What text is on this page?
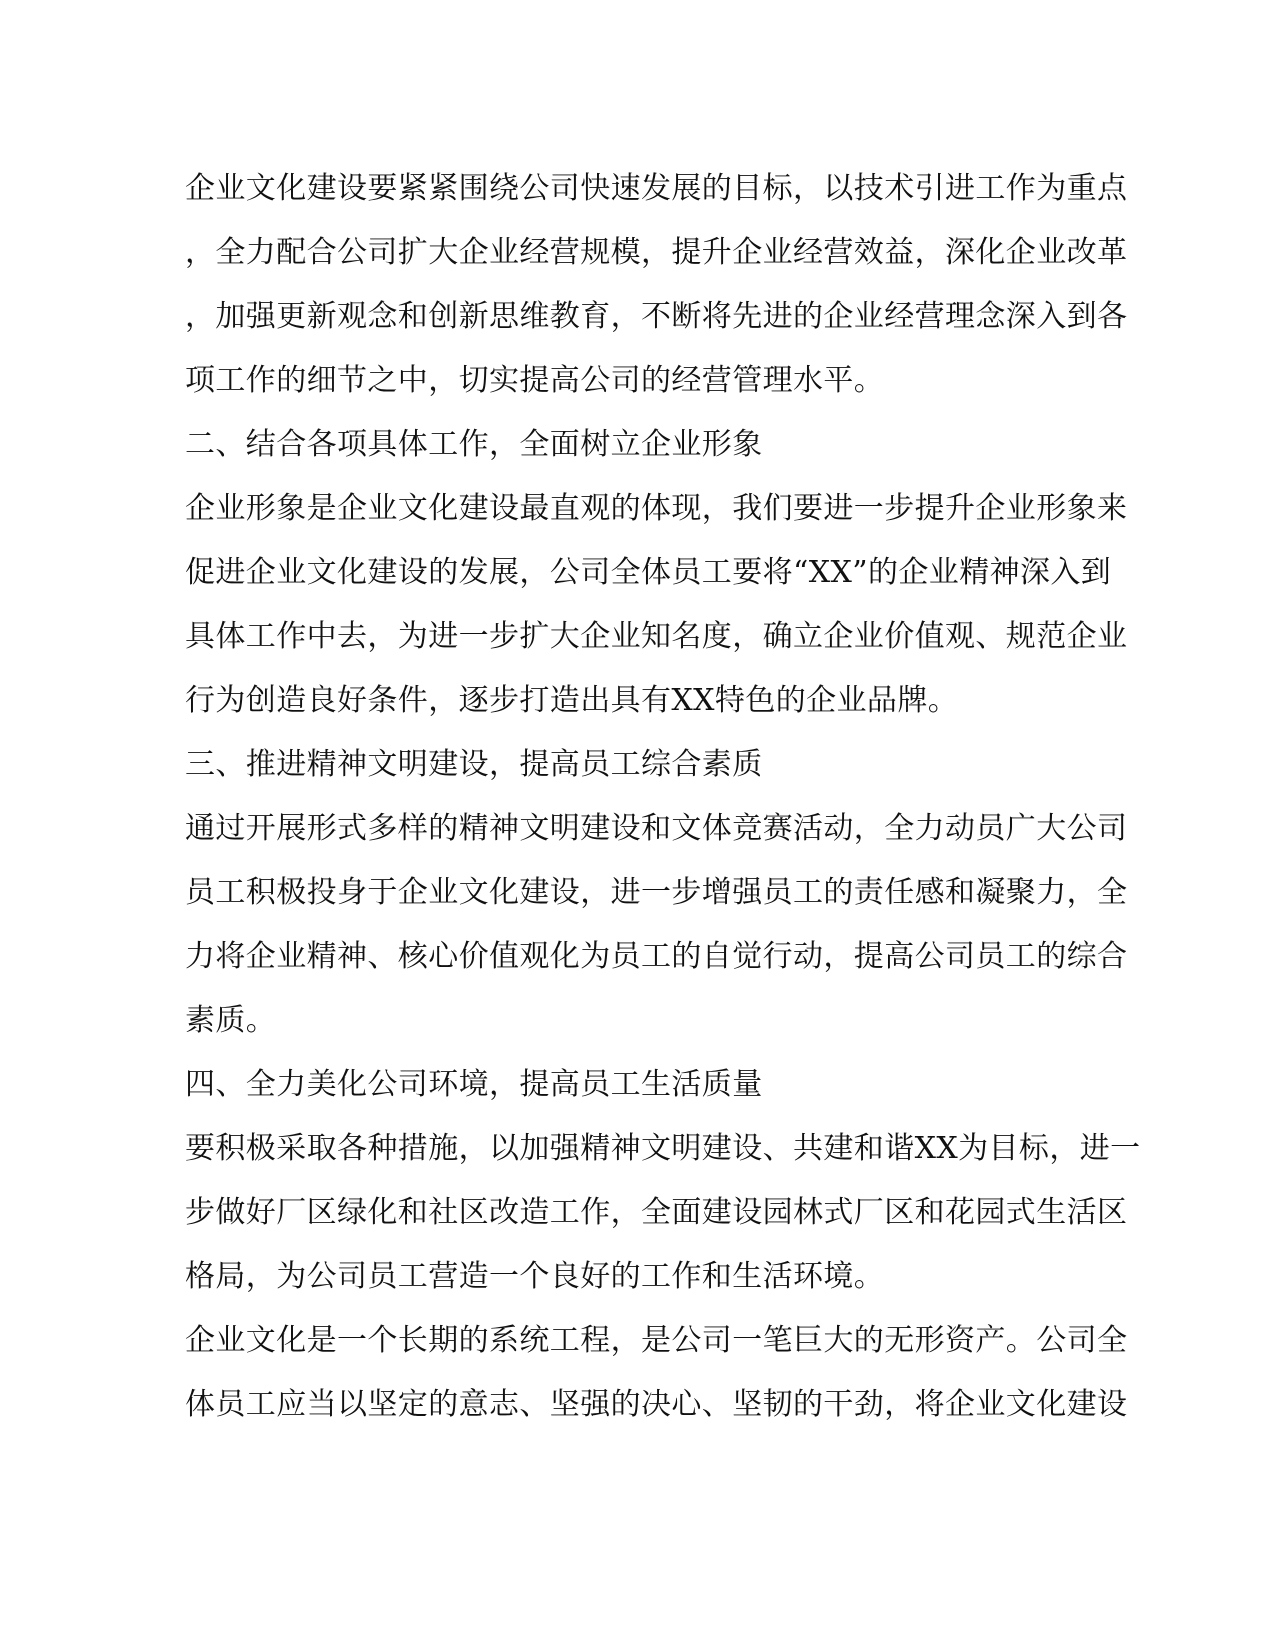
企业文化建设要紧紧围绕公司快速发展的目标，以技术引进工作为重点
，全力配合公司扩大企业经营规模，提升企业经营效益，深化企业改革
，加强更新观念和创新思维教育，不断将先进的企业经营理念深入到各
项工作的细节之中，切实提高公司的经营管理水平。
二、结合各项具体工作，全面树立企业形象
企业形象是企业文化建设最直观的体现，我们要进一步提升企业形象来
促进企业文化建设的发展，公司全体员工要将“XX”的企业精神深入到
具体工作中去，为进一步扩大企业知名度，确立企业价值观、规范企业
行为创造良好条件，逐步打造出具有XX特色的企业品牌。
三、推进精神文明建设，提高员工综合素质
通过开展形式多样的精神文明建设和文体竞赛活动，全力动员广大公司
员工积极投身于企业文化建设，进一步增强员工的责任感和凝聚力，全
力将企业精神、核心价值观化为员工的自觉行动，提高公司员工的综合
素质。
四、全力美化公司环境，提高员工生活质量
要积极采取各种措施，以加强精神文明建设、共建和谐XX为目标，进一
步做好厂区绿化和社区改造工作，全面建设园林式厂区和花园式生活区
格局，为公司员工营造一个良好的工作和生活环境。
企业文化是一个长期的系统工程，是公司一笔巨大的无形资产。公司全
体员工应当以坚定的意志、坚强的决心、坚韧的干劲，将企业文化建设
